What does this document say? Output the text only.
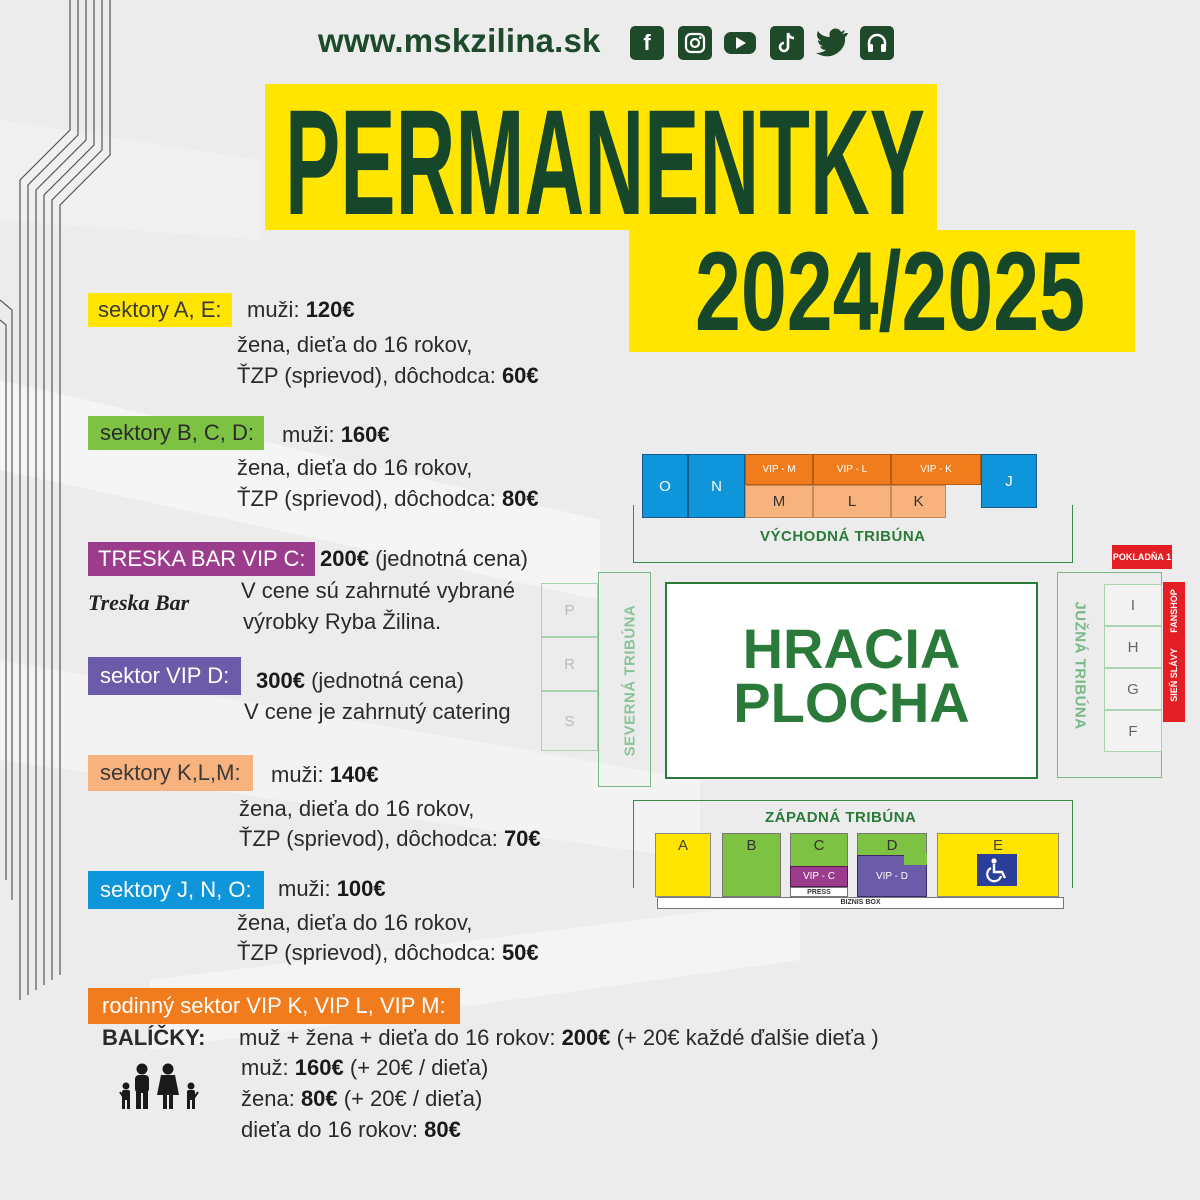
www.mskzilina.sk	f
PERMANENTKY
2024/2025
sektory A, E:	muži: 120€
žena, dieťa do 16 rokov,
ŤZP (sprievod), dôchodca: 60€
sektory B, C, D:	muži: 160€
žena, dieťa do 16 rokov,
ŤZP (sprievod), dôchodca: 80€
TRESKA BAR VIP C: 200€ (jednotná cena)
Treska Bar V cene sú zahrnuté vybrané
výrobky Ryba Žilina.
sektor VIP D:	300€ (jednotná cena)
V cene je zahrnutý catering
sektory K,L,M:	muži: 140€
žena, dieťa do 16 rokov,
ŤZP (sprievod), dôchodca: 70€
sektory J, N, O:	muži: 100€
žena, dieťa do 16 rokov,
ŤZP (sprievod), dôchodca: 50€
rodinný sektor VIP K, VIP L, VIP M:
BALÍČKY: muž + žena + dieťa do 16 rokov: 200€ (+ 20€ každé ďalšie dieťa )
muž: 160€ (+ 20€ / dieťa)
žena: 80€ (+ 20€ / dieťa)
dieťa do 16 rokov: 80€
O	N
VIP - M	VIP - L	VIP - K
M	L	K
J
VÝCHODNÁ TRIBÚNA
P
R
S	SEVERNÁ TRIBÚNA	HRACIA
PLOCHA
I
H
G
F
JUŽNÁ TRIBÚNA
POKLADŇA 1
FANSHOP
SIEŇ SLÁVY
ZÁPADNÁ TRIBÚNA
A	B	C
VIP - C
PRESS
D
VIP - D
E
BIZNIS BOX
